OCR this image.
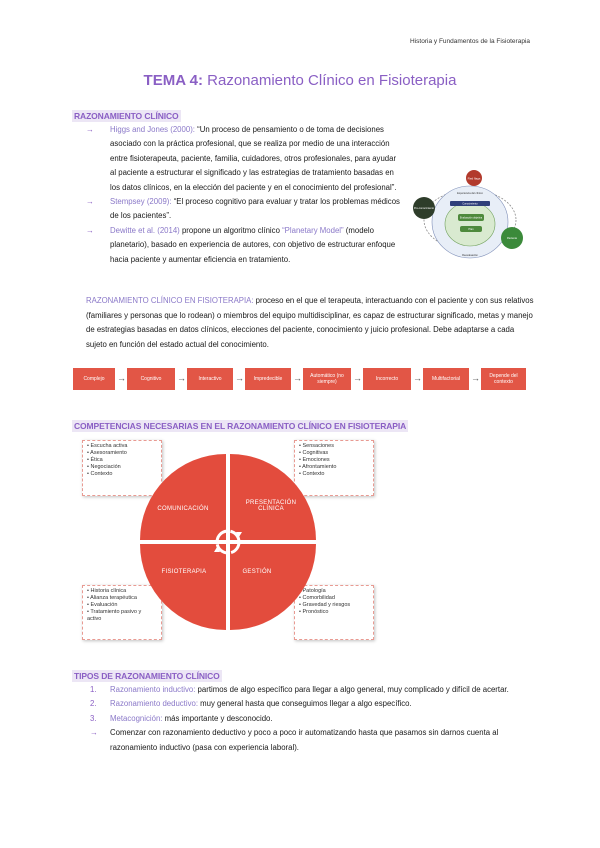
Historia y Fundamentos de la Fisioterapia
TEMA 4: Razonamiento Clínico en Fisioterapia
RAZONAMIENTO CLÍNICO
→ Higgs and Jones (2000): “Un proceso de pensamiento o de toma de decisiones asociado con la práctica profesional, que se realiza por medio de una interacción entre fisioterapeuta, paciente, familia, cuidadores, otros profesionales, para ayudar al paciente a estructurar el significado y las estrategias de tratamiento basadas en los datos clínicos, en la elección del paciente y en el conocimiento del profesional”.
→ Stempsey (2009): “El proceso cognitivo para evaluar y tratar los problemas médicos de los pacientes”.
→ Dewitte et al. (2014) propone un algoritmo clínico “Planetary Model” (modelo planetario), basado en experiencia de autores, con objetivo de estructurar enfoque hacia paciente y aumentar eficiencia en tratamiento.
Red flags
Experiencia del clínico
Conocimiento
Evaluación objetiva
Plan
Reevaluación
Pre-conocimiento
Paciente
RAZONAMIENTO CLÍNICO EN FISIOTERAPIA: proceso en el que el terapeuta, interactuando con el paciente y con sus relativos (familiares y personas que lo rodean) o miembros del equipo multidisciplinar, es capaz de estructurar significado, metas y manejo de estrategias basadas en datos clínicos, elecciones del paciente, conocimiento y juicio profesional. Debe adaptarse a cada sujeto en función del estado actual del conocimiento.
Complejo	→	Cognitivo	→	Interactivo	→	Impredecible	→	Automático (no siempre)	→	Incorrecto	→	Multifactorial	→	Depende del contexto
COMPETENCIAS NECESARIAS EN EL RAZONAMIENTO CLÍNICO EN FISIOTERAPIA
• Escucha activa
• Asesoramiento
• Ética
• Negociación
• Contexto
• Sensaciones
• Cognitivas
• Emociones
• Afrontamiento
• Contexto
• Historia clínica
• Alianza terapéutica
• Evaluación
• Tratamiento pasivo y activo
Patología
• Comorbilidad
• Gravedad y riesgos
• Pronóstico
COMUNICACIÓN
PRESENTACIÓN
CLÍNICA
FISIOTERAPIA	GESTIÓN
TIPOS DE RAZONAMIENTO CLÍNICO
1. Razonamiento inductivo: partimos de algo específico para llegar a algo general, muy complicado y difícil de acertar.
2. Razonamiento deductivo: muy general hasta que conseguimos llegar a algo específico.
3. Metacognición: más importante y desconocido.
→ Comenzar con razonamiento deductivo y poco a poco ir automatizando hasta que pasamos sin darnos cuenta al razonamiento inductivo (pasa con experiencia laboral).
